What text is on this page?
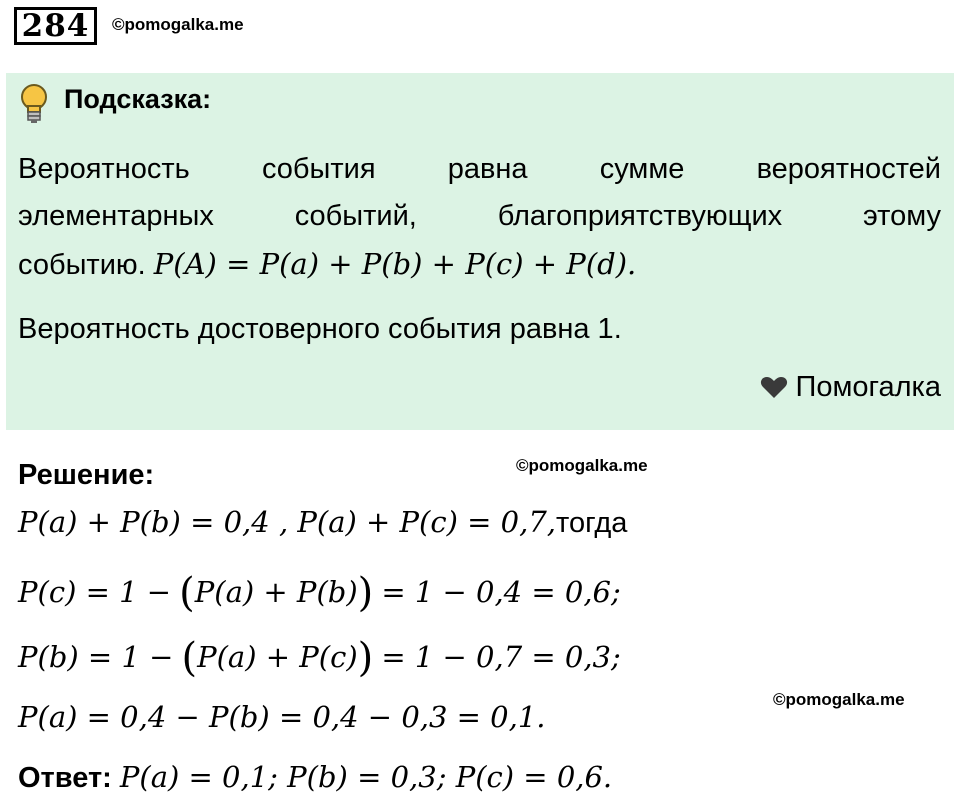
284	©pomogalka.me
Подсказка:
Вероятность события равна сумме вероятностей
элементарных	событий,	благоприятствующих	этому
событию. P(A) = P(a) + P(b) + P(c) + P(d).
Вероятность достоверного события равна 1.
Помогалка
Решение:	©pomogalka.me
P(a) + P(b) = 0,4 , P(a) + P(c) = 0,7,тогда
P(c) = 1 − (P(a) + P(b)) = 1 − 0,4 = 0,6;
P(b) = 1 − (P(a) + P(c)) = 1 − 0,7 = 0,3;
©pomogalka.me
P(a) = 0,4 − P(b) = 0,4 − 0,3 = 0,1.
Ответ: P(a) = 0,1; P(b) = 0,3; P(c) = 0,6.
